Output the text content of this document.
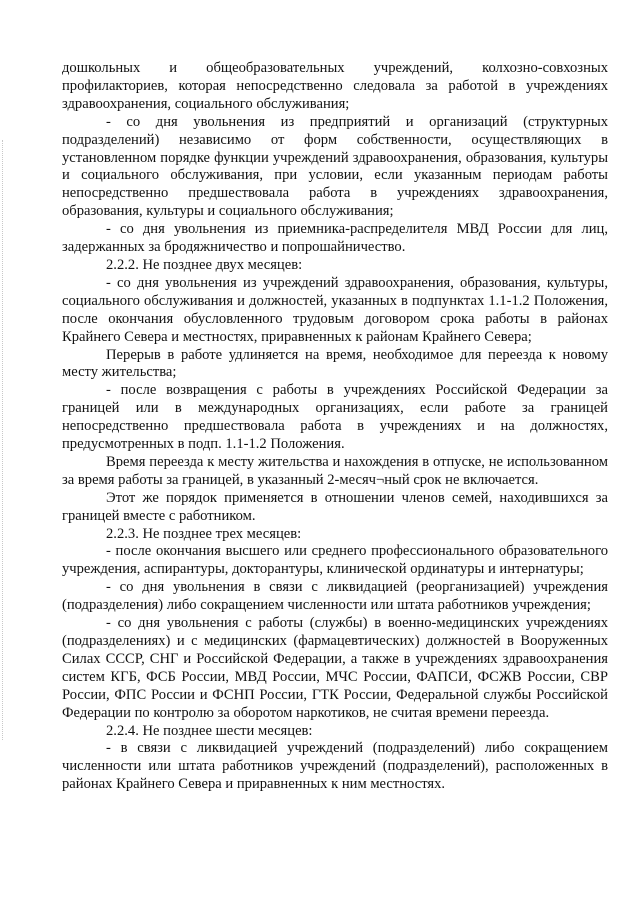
дошкольных и общеобразовательных учреждений, колхозно-совхозных профилакториев, которая непосредственно следовала за работой в учреждениях здравоохранения, социального обслуживания;

- со дня увольнения из предприятий и организаций (структурных подразделений) независимо от форм собственности, осуществляющих в установленном порядке функции учреждений здравоохранения, образования, культуры и социального обслуживания, при условии, если указанным периодам работы непосредственно предшествовала работа в учреждениях здравоохранения, образования, культуры и социального обслуживания;

- со дня увольнения из приемника-распределителя МВД России для лиц, задержанных за бродяжничество и попрошайничество.

2.2.2. Не позднее двух месяцев:

- со дня увольнения из учреждений здравоохранения, образования, культуры, социального обслуживания и должностей, указанных в подпунктах 1.1-1.2 Положения, после окончания обусловленного трудовым договором срока работы в районах Крайнего Севера и местностях, приравненных к районам Крайнего Севера;

Перерыв в работе удлиняется на время, необходимое для переезда к новому месту жительства;

- после возвращения с работы в учреждениях Российской Федерации за границей или в международных организациях, если работе за границей непосредственно предшествовала работа в учреждениях и на должностях, предусмотренных в подп. 1.1-1.2 Положения.

Время переезда к месту жительства и нахождения в отпуске, не использованном за время работы за границей, в указанный 2-месяч¬ный срок не включается.

Этот же порядок применяется в отношении членов семей, находившихся за границей вместе с работником.

2.2.3. Не позднее трех месяцев:

- после окончания высшего или среднего профессионального образовательного учреждения, аспирантуры, докторантуры, клинической ординатуры и интернатуры;

- со дня увольнения в связи с ликвидацией (реорганизацией) учреждения (подразделения) либо сокращением численности или штата работников учреждения;

- со дня увольнения с работы (службы) в военно-медицинских учреждениях (подразделениях) и с медицинских (фармацевтических) должностей в Вооруженных Силах СССР, СНГ и Российской Федерации, а также в учреждениях здравоохранения систем КГБ, ФСБ России, МВД России, МЧС России, ФАПСИ, ФСЖВ России, СВР России, ФПС России и ФСНП России, ГТК России, Федеральной службы Российской Федерации по контролю за оборотом наркотиков, не считая времени переезда.

2.2.4. Не позднее шести месяцев:

- в связи с ликвидацией учреждений (подразделений) либо сокращением численности или штата работников учреждений (подразделений), расположенных в районах Крайнего Севера и приравненных к ним местностях.
